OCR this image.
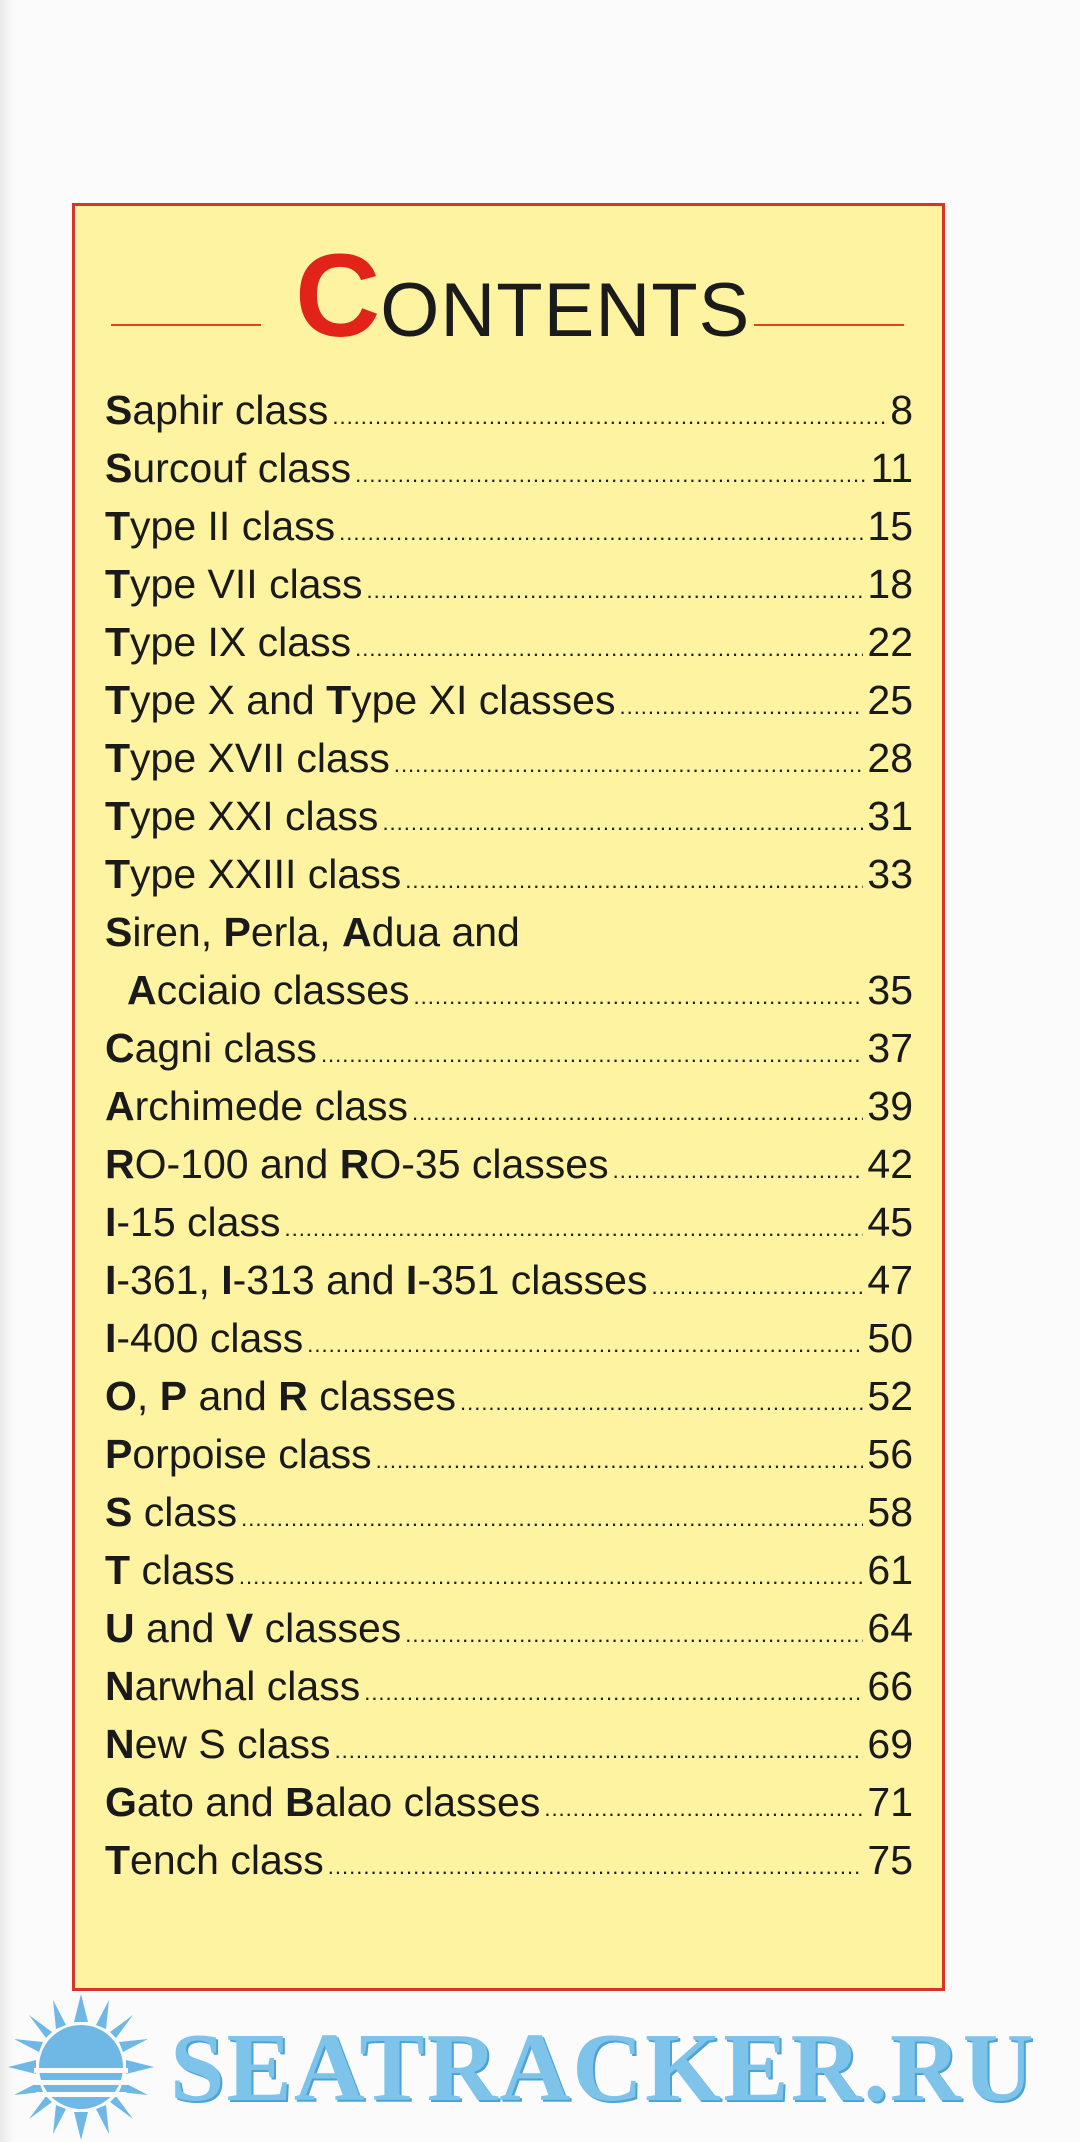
CONTENTS
Saphir class .....	8
Surcouf class .....	11
Type II class .....	15
Type VII class .....	18
Type IX class .....	22
Type X and Type XI classes .....	25
Type XVII class .....	28
Type XXI class .....	31
Type XXIII class .....	33
Siren, Perla, Adua and
Acciaio classes .....	35
Cagni class .....	37
Archimede class .....	39
RO-100 and RO-35 classes .....	42
I-15 class .....	45
I-361, I-313 and I-351 classes .....	47
I-400 class .....	50
O, P and R classes .....	52
Porpoise class .....	56
S class .....	58
T class .....	61
U and V classes .....	64
Narwhal class .....	66
New S class .....	69
Gato and Balao classes .....	71
Tench class .....	75
SEATRACKER.RU
